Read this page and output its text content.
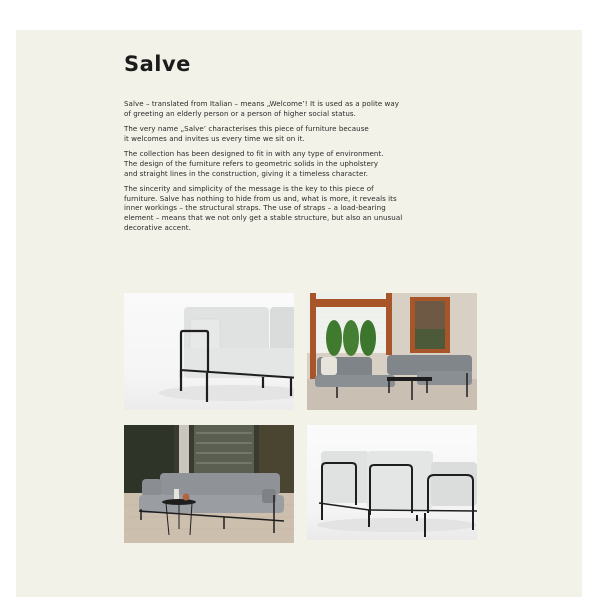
Salve

Salve – translated from Italian – means „Welcome’! It is used as a polite way
of greeting an elderly person or a person of higher social status.

The very name „Salve’ characterises this piece of furniture because
it welcomes and invites us every time we sit on it.

The collection has been designed to fit in with any type of environment.
The design of the furniture refers to geometric solids in the upholstery
and straight lines in the construction, giving it a timeless character.

The sincerity and simplicity of the message is the key to this piece of
furniture. Salve has nothing to hide from us and, what is more, it reveals its
inner workings – the structural straps. The use of straps – a load-bearing
element – means that we not only get a stable structure, but also an unusual
decorative accent.
